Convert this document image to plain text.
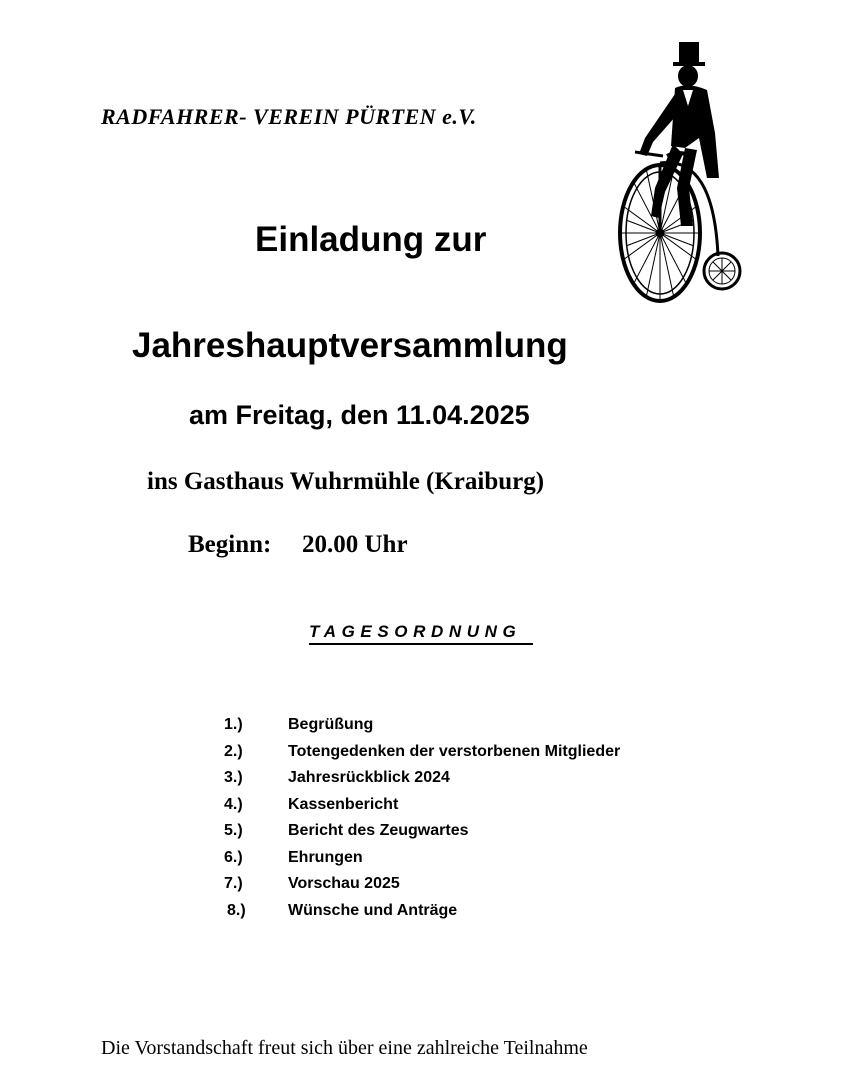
RADFAHRER- VEREIN PÜRTEN e.V.
Einladung zur
Jahreshauptversammlung
am Freitag, den 11.04.2025
ins Gasthaus Wuhrmühle (Kraiburg)
Beginn: 20.00 Uhr
TAGESORDNUNG
1.)	Begrüßung
2.)	Totengedenken der verstorbenen Mitglieder
3.)	Jahresrückblick 2024
4.)	Kassenbericht
5.)	Bericht des Zeugwartes
6.)	Ehrungen
7.)	Vorschau 2025
8.)	Wünsche und Anträge
Die Vorstandschaft freut sich über eine zahlreiche Teilnahme
